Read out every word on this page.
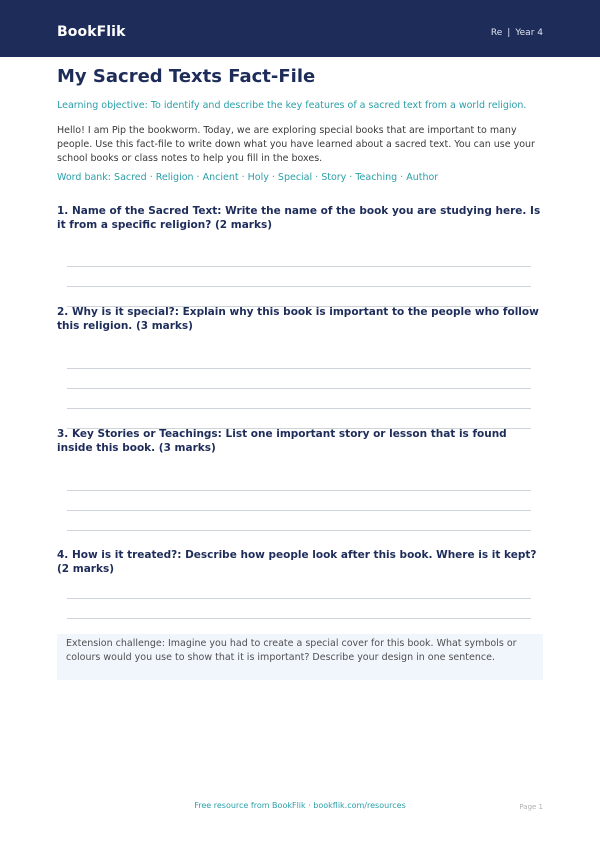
BookFlik	Re | Year 4
My Sacred Texts Fact-File

Learning objective: To identify and describe the key features of a sacred text from a world religion.

Hello! I am Pip the bookworm. Today, we are exploring special books that are important to many people. Use this fact-file to write down what you have learned about a sacred text. You can use your school books or class notes to help you fill in the boxes.

Word bank: Sacred · Religion · Ancient · Holy · Special · Story · Teaching · Author

1. Name of the Sacred Text: Write the name of the book you are studying here. Is it from a specific religion? (2 marks)
2. Why is it special?: Explain why this book is important to the people who follow this religion. (3 marks)
3. Key Stories or Teachings: List one important story or lesson that is found inside this book. (3 marks)
4. How is it treated?: Describe how people look after this book. Where is it kept? (2 marks)
Extension challenge: Imagine you had to create a special cover for this book. What symbols or colours would you use to show that it is important? Describe your design in one sentence.
Free resource from BookFlik · bookflik.com/resources	Page 1
